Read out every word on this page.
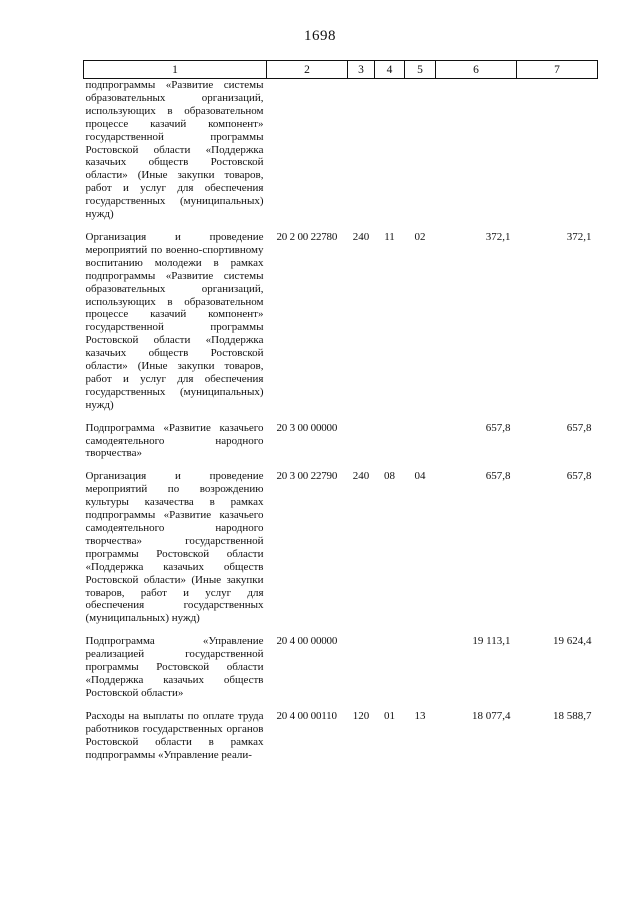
1698
1	2	3	4	5	6	7
подпрограммы «Развитие системы образовательных организаций, использующих в образовательном процессе казачий компонент» государственной программы Ростовской области «Поддержка казачьих обществ Ростовской области» (Иные закупки товаров, работ и услуг для обеспечения государственных (муниципальных) нужд)						

Организация и проведение мероприятий по военно-спортивному воспитанию молодежи в рамках подпрограммы «Развитие системы образовательных организаций, использующих в образовательном процессе казачий компонент» государственной программы Ростовской области «Поддержка казачьих обществ Ростовской области» (Иные закупки товаров, работ и услуг для обеспечения государственных (муниципальных) нужд)	20 2 00 22780	240	11	02	372,1	372,1

Подпрограмма «Развитие казачьего самодеятельного народного творчества»	20 3 00 00000				657,8	657,8

Организация и проведение мероприятий по возрождению культуры казачества в рамках подпрограммы «Развитие казачьего самодеятельного народного творчества» государственной программы Ростовской области «Поддержка казачьих обществ Ростовской области» (Иные закупки товаров, работ и услуг для обеспечения государственных (муниципальных) нужд)	20 3 00 22790	240	08	04	657,8	657,8

Подпрограмма «Управление реализацией государственной программы Ростовской области «Поддержка казачьих обществ Ростовской области»	20 4 00 00000				19 113,1	19 624,4

Расходы на выплаты по оплате труда работников государственных органов Ростовской области в рамках подпрограммы «Управление реали-	20 4 00 00110	120	01	13	18 077,4	18 588,7
